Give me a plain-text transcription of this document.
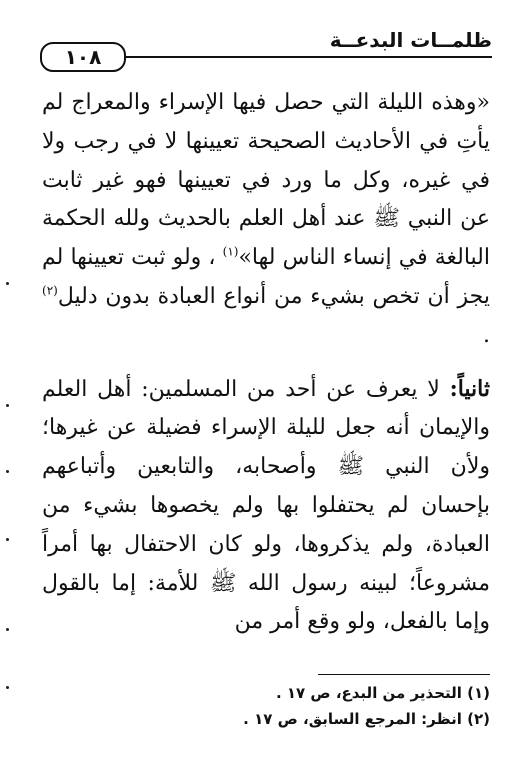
ظلمــات البدعــة
١٠٨

«وهذه الليلة التي حصل فيها الإسراء والمعراج لم يأتِ في الأحاديث الصحيحة تعيينها لا في رجب ولا في غيره، وكل ما ورد في تعيينها فهو غير ثابت عن النبي ﷺ عند أهل العلم بالحديث ولله الحكمة البالغة في إنساء الناس لها»$^{(١)}$ ، ولو ثبت تعيينها لم يجز أن تخص بشيء من أنواع العبادة بدون دليل$^{(٢)}$ .

ثانياً: لا يعرف عن أحد من المسلمين: أهل العلم والإيمان أنه جعل لليلة الإسراء فضيلة عن غيرها؛ ولأن النبي ﷺ وأصحابه، والتابعين وأتباعهم بإحسان لم يحتفلوا بها ولم يخصوها بشيء من العبادة، ولم يذكروها، ولو كان الاحتفال بها أمراً مشروعاً؛ لبينه رسول الله ﷺ للأمة: إما بالقول وإما بالفعل، ولو وقع أمر من

(١) التحذير من البدع، ص ١٧ .
(٢) انظر: المرجع السابق، ص ١٧ .
